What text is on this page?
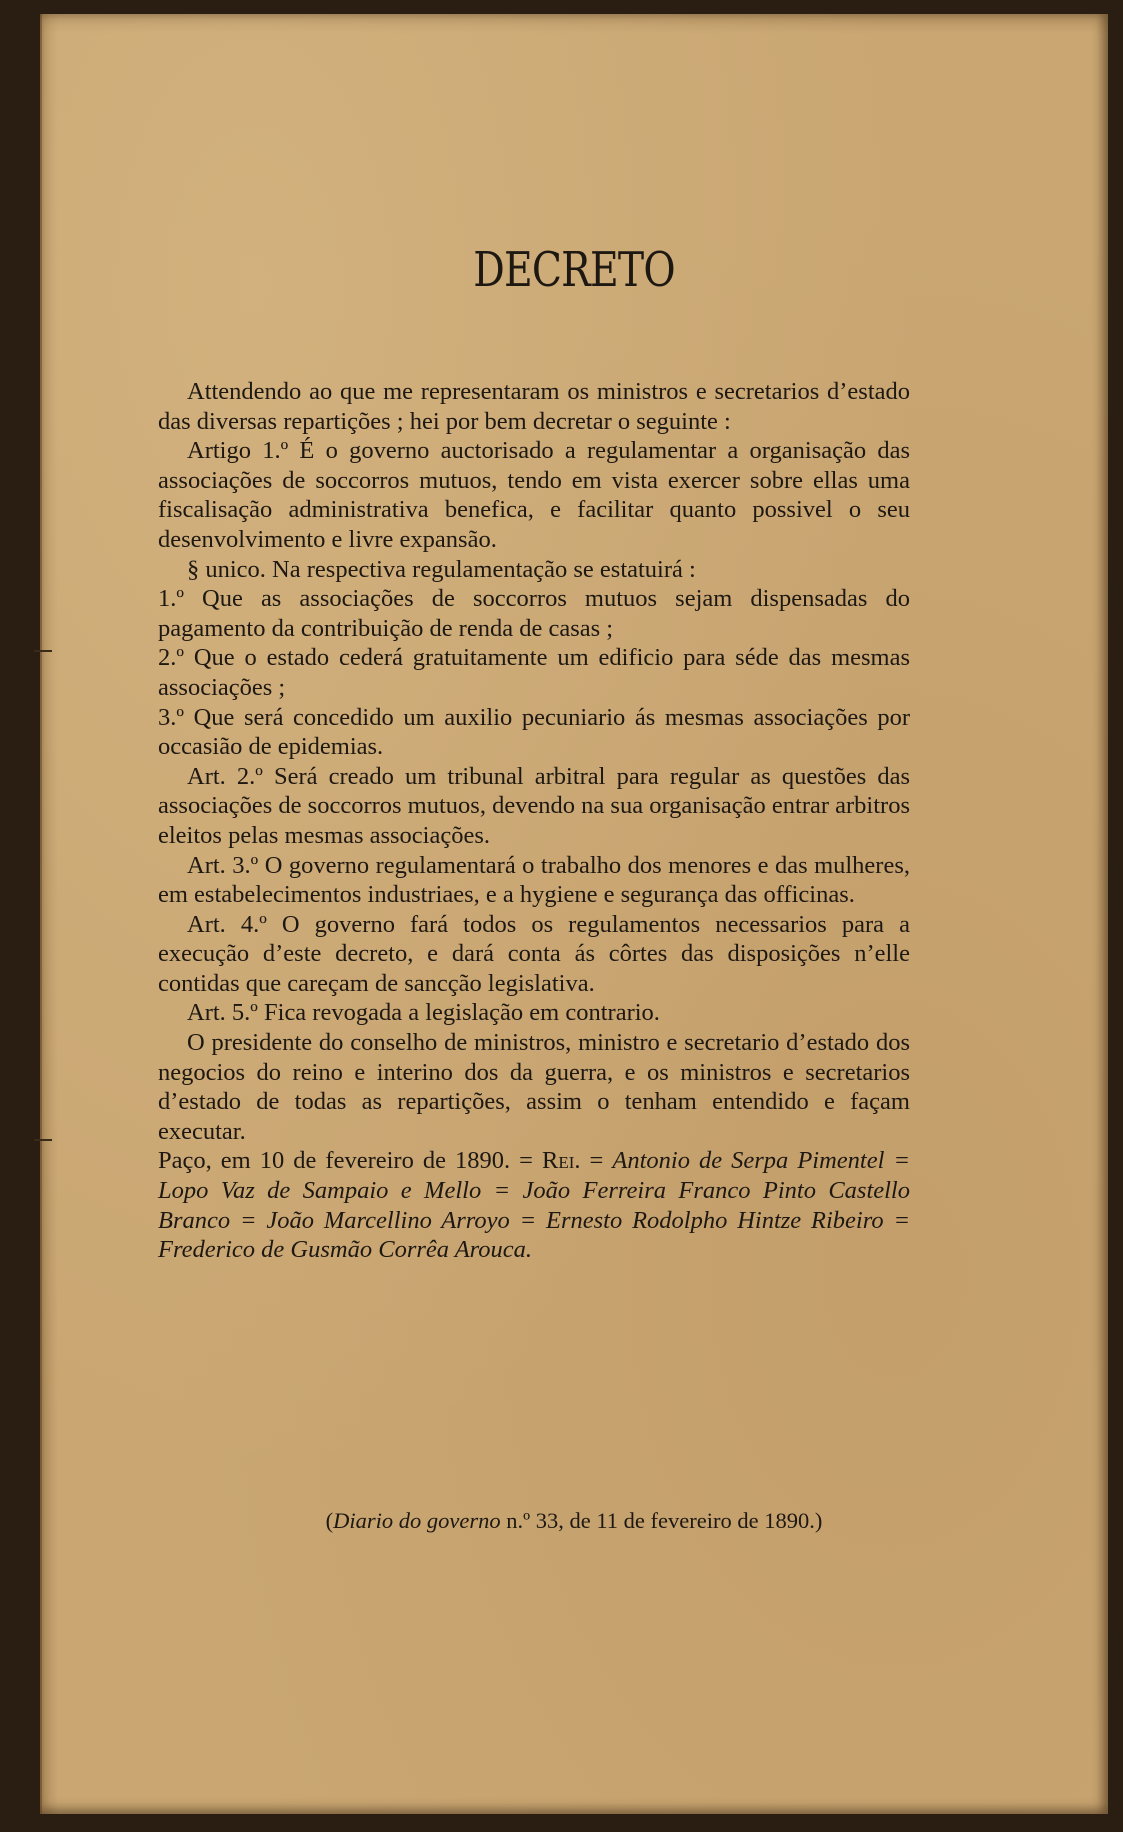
DECRETO

Attendendo ao que me representaram os ministros e secretarios d’estado das diversas repartições ; hei por bem decretar o seguinte :

Artigo 1.º É o governo auctorisado a regulamentar a organisação das associações de soccorros mutuos, tendo em vista exercer sobre ellas uma fiscalisação administrativa benefica, e facilitar quanto possivel o seu desenvolvimento e livre expansão.

§ unico. Na respectiva regulamentação se estatuirá :

1.º Que as associações de soccorros mutuos sejam dispensadas do pagamento da contribuição de renda de casas ;

2.º Que o estado cederá gratuitamente um edificio para séde das mesmas associações ;

3.º Que será concedido um auxilio pecuniario ás mesmas associações por occasião de epidemias.

Art. 2.º Será creado um tribunal arbitral para regular as questões das associações de soccorros mutuos, devendo na sua organisação entrar arbitros eleitos pelas mesmas associações.

Art. 3.º O governo regulamentará o trabalho dos menores e das mulheres, em estabelecimentos industriaes, e a hygiene e segurança das officinas.

Art. 4.º O governo fará todos os regulamentos necessarios para a execução d’este decreto, e dará conta ás côrtes das disposições n’elle contidas que careçam de sancção legislativa.

Art. 5.º Fica revogada a legislação em contrario.

O presidente do conselho de ministros, ministro e secretario d’estado dos negocios do reino e interino dos da guerra, e os ministros e secretarios d’estado de todas as repartições, assim o tenham entendido e façam executar.

Paço, em 10 de fevereiro de 1890. = Rei. = Antonio de Serpa Pimentel = Lopo Vaz de Sampaio e Mello = João Ferreira Franco Pinto Castello Branco = João Marcellino Arroyo = Ernesto Rodolpho Hintze Ribeiro = Frederico de Gusmão Corrêa Arouca.

(Diario do governo n.º 33, de 11 de fevereiro de 1890.)
